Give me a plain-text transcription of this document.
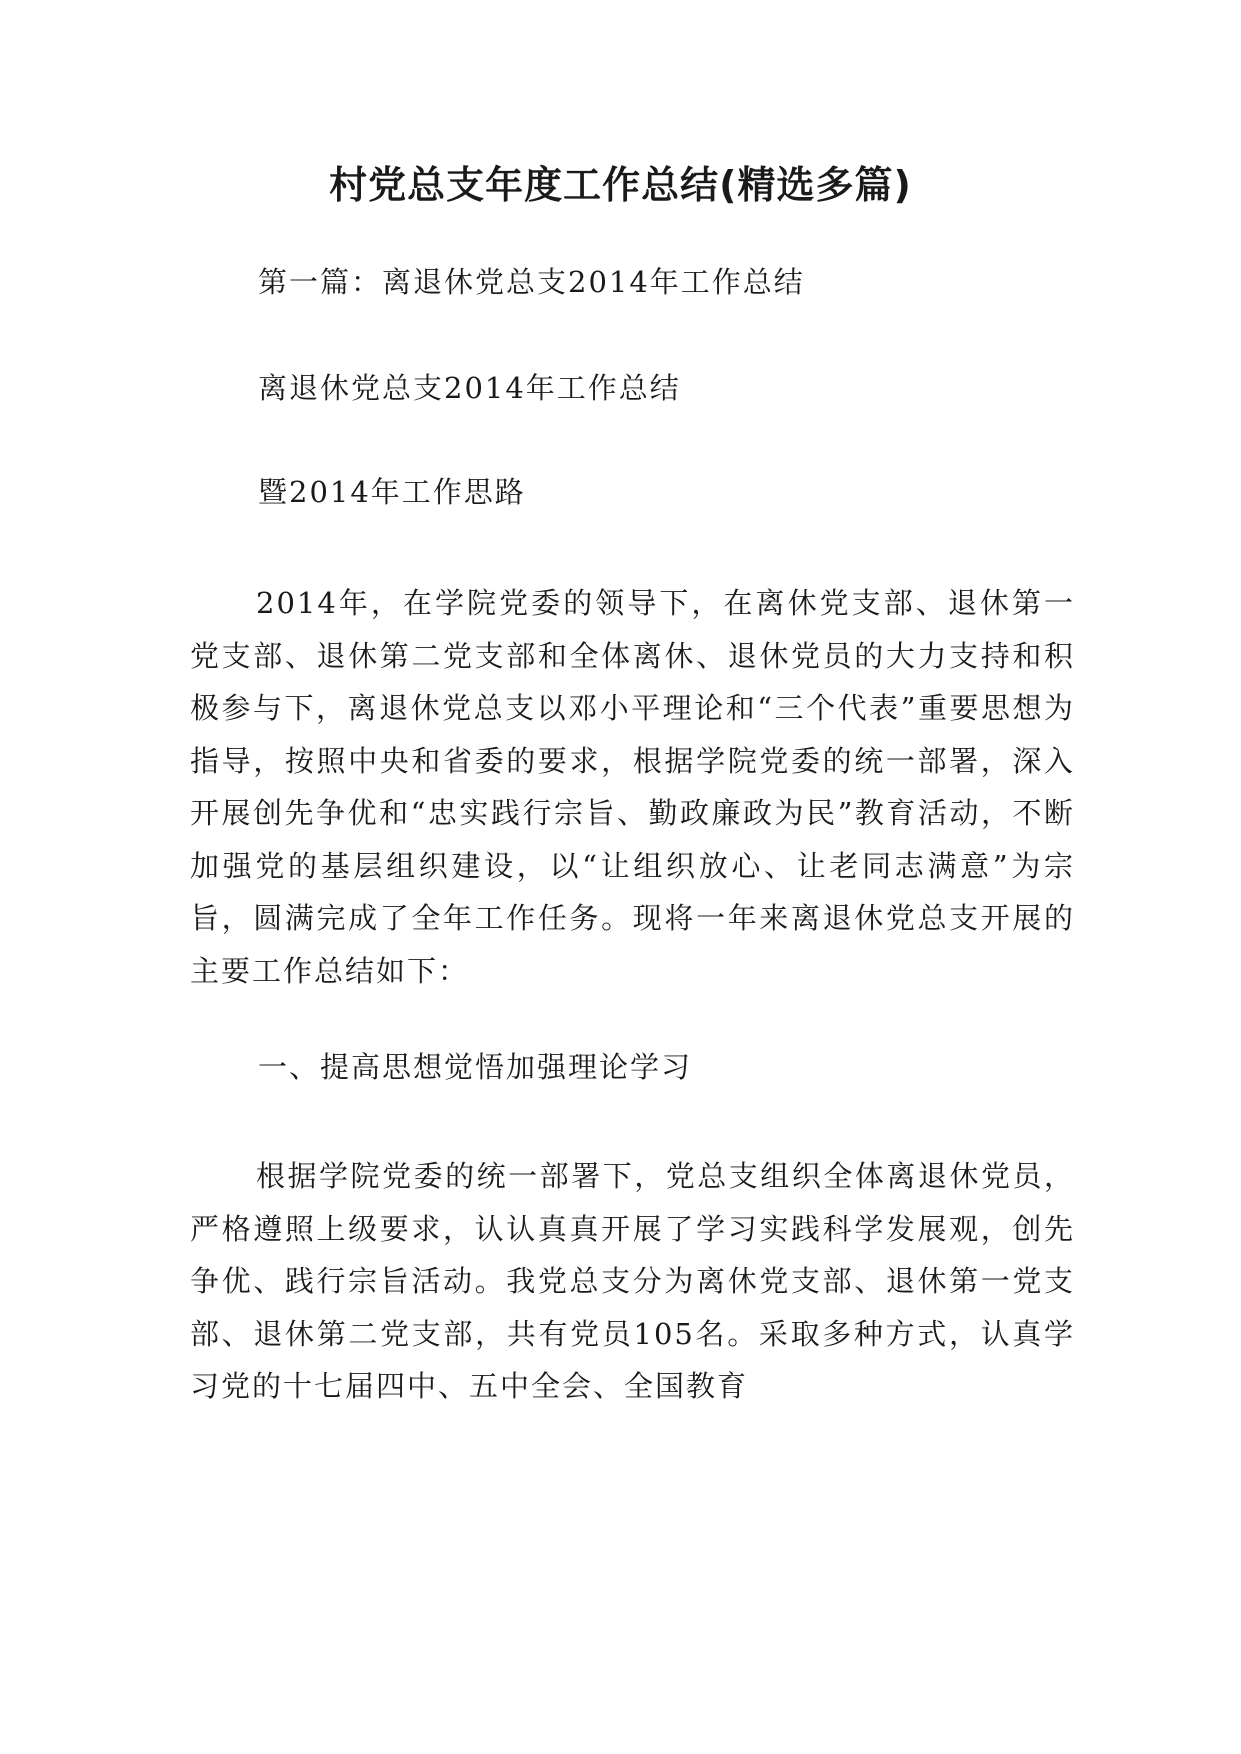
村党总支年度工作总结(精选多篇)

第一篇：离退休党总支2014年工作总结

离退休党总支2014年工作总结

暨2014年工作思路

2014年，在学院党委的领导下，在离休党支部、退休第一党支部、退休第二党支部和全体离休、退休党员的大力支持和积极参与下，离退休党总支以邓小平理论和“三个代表”重要思想为指导，按照中央和省委的要求，根据学院党委的统一部署，深入开展创先争优和“忠实践行宗旨、勤政廉政为民”教育活动，不断加强党的基层组织建设，以“让组织放心、让老同志满意”为宗旨，圆满完成了全年工作任务。现将一年来离退休党总支开展的主要工作总结如下：

一、提高思想觉悟加强理论学习

根据学院党委的统一部署下，党总支组织全体离退休党员，严格遵照上级要求，认认真真开展了学习实践科学发展观，创先争优、践行宗旨活动。我党总支分为离休党支部、退休第一党支部、退休第二党支部，共有党员105名。采取多种方式，认真学习党的十七届四中、五中全会、全国教育
